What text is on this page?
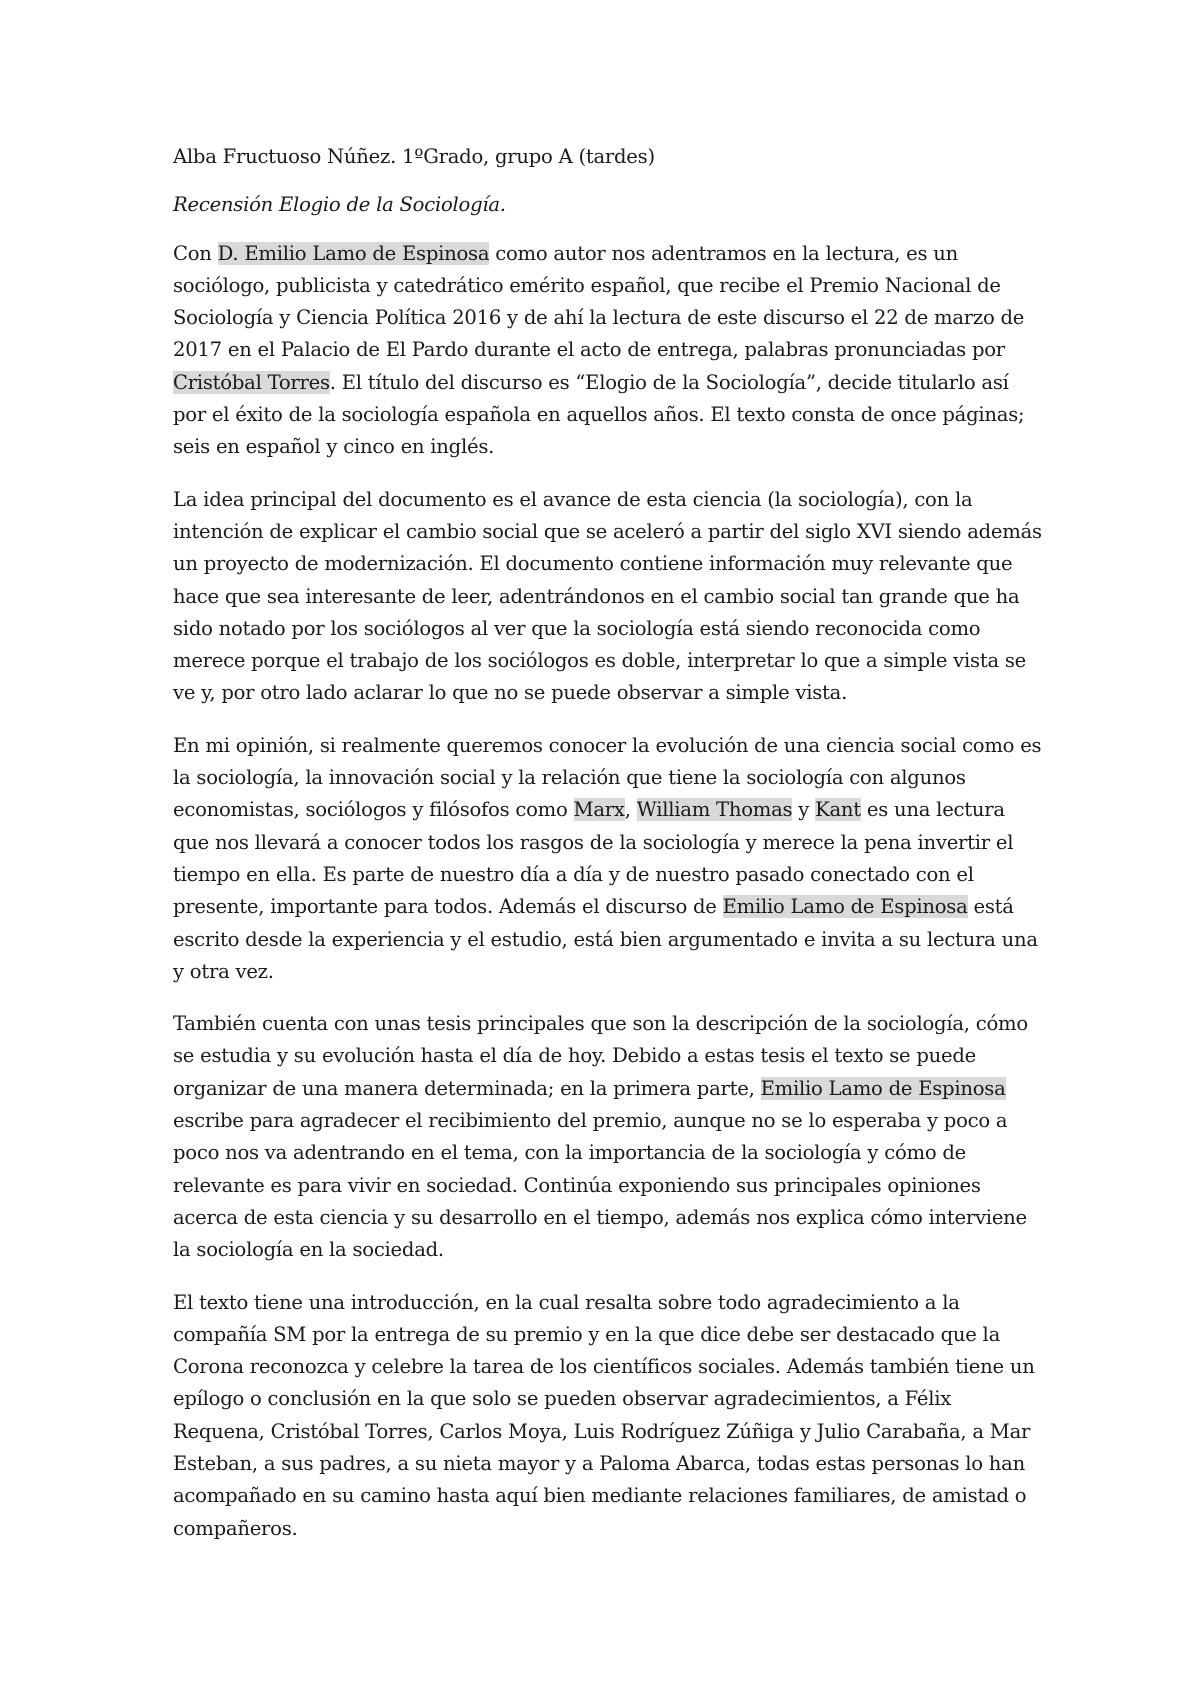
Alba Fructuoso Núñez. 1ºGrado, grupo A (tardes)

Recensión Elogio de la Sociología.

Con D. Emilio Lamo de Espinosa como autor nos adentramos en la lectura, es un sociólogo, publicista y catedrático emérito español, que recibe el Premio Nacional de Sociología y Ciencia Política 2016 y de ahí la lectura de este discurso el 22 de marzo de 2017 en el Palacio de El Pardo durante el acto de entrega, palabras pronunciadas por Cristóbal Torres. El título del discurso es “Elogio de la Sociología”, decide titularlo así por el éxito de la sociología española en aquellos años. El texto consta de once páginas; seis en español y cinco en inglés.

La idea principal del documento es el avance de esta ciencia (la sociología), con la intención de explicar el cambio social que se aceleró a partir del siglo XVI siendo además un proyecto de modernización. El documento contiene información muy relevante que hace que sea interesante de leer, adentrándonos en el cambio social tan grande que ha sido notado por los sociólogos al ver que la sociología está siendo reconocida como merece porque el trabajo de los sociólogos es doble, interpretar lo que a simple vista se ve y, por otro lado aclarar lo que no se puede observar a simple vista.

En mi opinión, si realmente queremos conocer la evolución de una ciencia social como es la sociología, la innovación social y la relación que tiene la sociología con algunos economistas, sociólogos y filósofos como Marx, William Thomas y Kant es una lectura que nos llevará a conocer todos los rasgos de la sociología y merece la pena invertir el tiempo en ella. Es parte de nuestro día a día y de nuestro pasado conectado con el presente, importante para todos. Además el discurso de Emilio Lamo de Espinosa está escrito desde la experiencia y el estudio, está bien argumentado e invita a su lectura una y otra vez.

También cuenta con unas tesis principales que son la descripción de la sociología, cómo se estudia y su evolución hasta el día de hoy. Debido a estas tesis el texto se puede organizar de una manera determinada; en la primera parte, Emilio Lamo de Espinosa escribe para agradecer el recibimiento del premio, aunque no se lo esperaba y poco a poco nos va adentrando en el tema, con la importancia de la sociología y cómo de relevante es para vivir en sociedad. Continúa exponiendo sus principales opiniones acerca de esta ciencia y su desarrollo en el tiempo, además nos explica cómo interviene la sociología en la sociedad.

El texto tiene una introducción, en la cual resalta sobre todo agradecimiento a la compañía SM por la entrega de su premio y en la que dice debe ser destacado que la Corona reconozca y celebre la tarea de los científicos sociales. Además también tiene un epílogo o conclusión en la que solo se pueden observar agradecimientos, a Félix Requena, Cristóbal Torres, Carlos Moya, Luis Rodríguez Zúñiga y Julio Carabaña, a Mar Esteban, a sus padres, a su nieta mayor y a Paloma Abarca, todas estas personas lo han acompañado en su camino hasta aquí bien mediante relaciones familiares, de amistad o compañeros.
